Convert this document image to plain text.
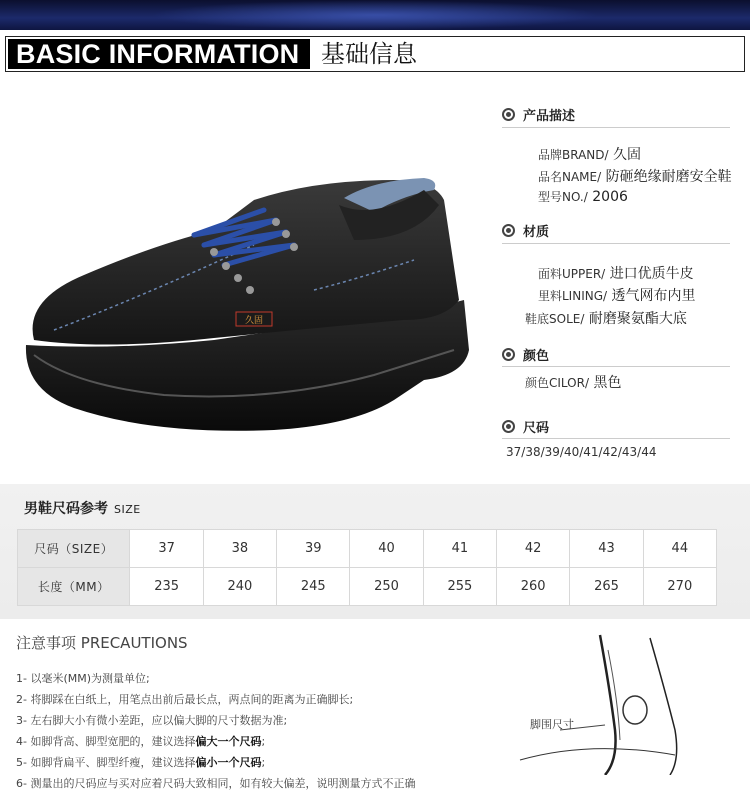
BASIC INFORMATION 基础信息
久固
产品描述
品牌BRAND/ 久固
品名NAME/ 防砸绝缘耐磨安全鞋
型号NO./ 2006
材质
面料UPPER/ 进口优质牛皮
里料LINING/ 透气网布内里
鞋底SOLE/ 耐磨聚氨酯大底
颜色
颜色CILOR/ 黑色
尺码
37/38/39/40/41/42/43/44
男鞋尺码参考 SIZE
尺码（SIZE）	37	38	39	40	41	42	43	44
长度（MM）	235	240	245	250	255	260	265	270
注意事项 PRECAUTIONS
1- 以毫米(MM)为测量单位;
2- 将脚踩在白纸上，用笔点出前后最长点，两点间的距离为正确脚长;
3- 左右脚大小有微小差距，应以偏大脚的尺寸数据为准;
4- 如脚背高、脚型宽肥的，建议选择偏大一个尺码;
5- 如脚背扁平、脚型纤瘦，建议选择偏小一个尺码;
6- 测量出的尺码应与买对应着尺码大致相同，如有较大偏差，说明测量方式不正确
脚围尺寸
